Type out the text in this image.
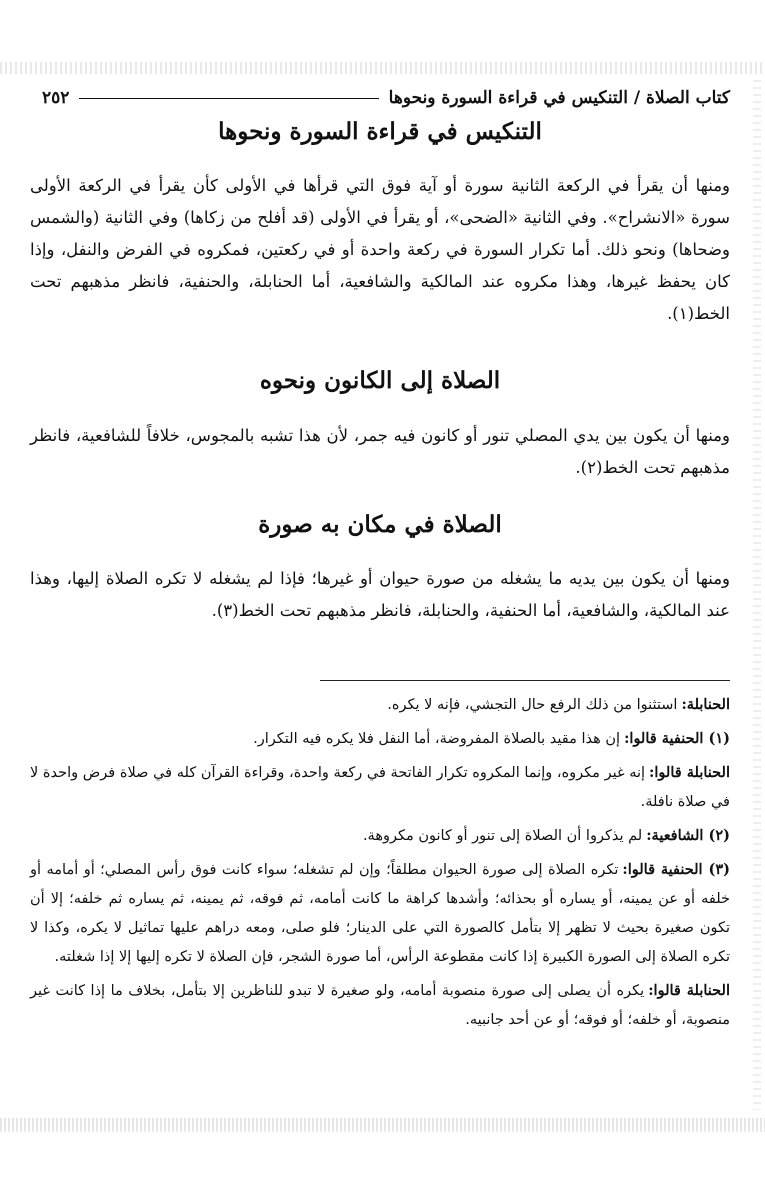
كتاب الصلاة / التنكيس في قراءة السورة ونحوها
٢٥٢
التنكيس في قراءة السورة ونحوها

ومنها أن يقرأ في الركعة الثانية سورة أو آية فوق التي قرأها في الأولى كأن يقرأ في الركعة الأولى سورة «الانشراح». وفي الثانية «الضحى»، أو يقرأ في الأولى (قد أفلح من زكاها) وفي الثانية (والشمس وضحاها) ونحو ذلك. أما تكرار السورة في ركعة واحدة أو في ركعتين، فمكروه في الفرض والنفل، وإذا كان يحفظ غيرها، وهذا مكروه عند المالكية والشافعية، أما الحنابلة، والحنفية، فانظر مذهبهم تحت الخط(١).

الصلاة إلى الكانون ونحوه

ومنها أن يكون بين يدي المصلي تنور أو كانون فيه جمر، لأن هذا تشبه بالمجوس، خلافاً للشافعية، فانظر مذهبهم تحت الخط(٢).

الصلاة في مكان به صورة

ومنها أن يكون بين يديه ما يشغله من صورة حيوان أو غيرها؛ فإذا لم يشغله لا تكره الصلاة إليها، وهذا عند المالكية، والشافعية، أما الحنفية، والحنابلة، فانظر مذهبهم تحت الخط(٣).

الحنابلة:استثنوا من ذلك الرفع حال التجشي، فإنه لا يكره.

(١) الحنفية قالوا:إن هذا مقيد بالصلاة المفروضة، أما النفل فلا يكره فيه التكرار.

الحنابلة قالوا:إنه غير مكروه، وإنما المكروه تكرار الفاتحة في ركعة واحدة، وقراءة القرآن كله في صلاة فرض واحدة لا في صلاة نافلة.

(٢) الشافعية:لم يذكروا أن الصلاة إلى تنور أو كانون مكروهة.

(٣) الحنفية قالوا:تكره الصلاة إلى صورة الحيوان مطلقاً؛ وإن لم تشغله؛ سواء كانت فوق رأس المصلي؛ أو أمامه أو خلفه أو عن يمينه، أو يساره أو بحذائه؛ وأشدها كراهة ما كانت أمامه، ثم فوقه، ثم يمينه، ثم يساره ثم خلفه؛ إلا أن تكون صغيرة بحيث لا تظهر إلا بتأمل كالصورة التي على الدينار؛ فلو صلى، ومعه دراهم عليها تماثيل لا يكره، وكذا لا تكره الصلاة إلى الصورة الكبيرة إذا كانت مقطوعة الرأس، أما صورة الشجر، فإن الصلاة لا تكره إليها إلا إذا شغلته.

الحنابلة قالوا:يكره أن يصلى إلى صورة منصوبة أمامه، ولو صغيرة لا تبدو للناظرين إلا بتأمل، بخلاف ما إذا كانت غير منصوبة، أو خلفه؛ أو فوقه؛ أو عن أحد جانبيه.
